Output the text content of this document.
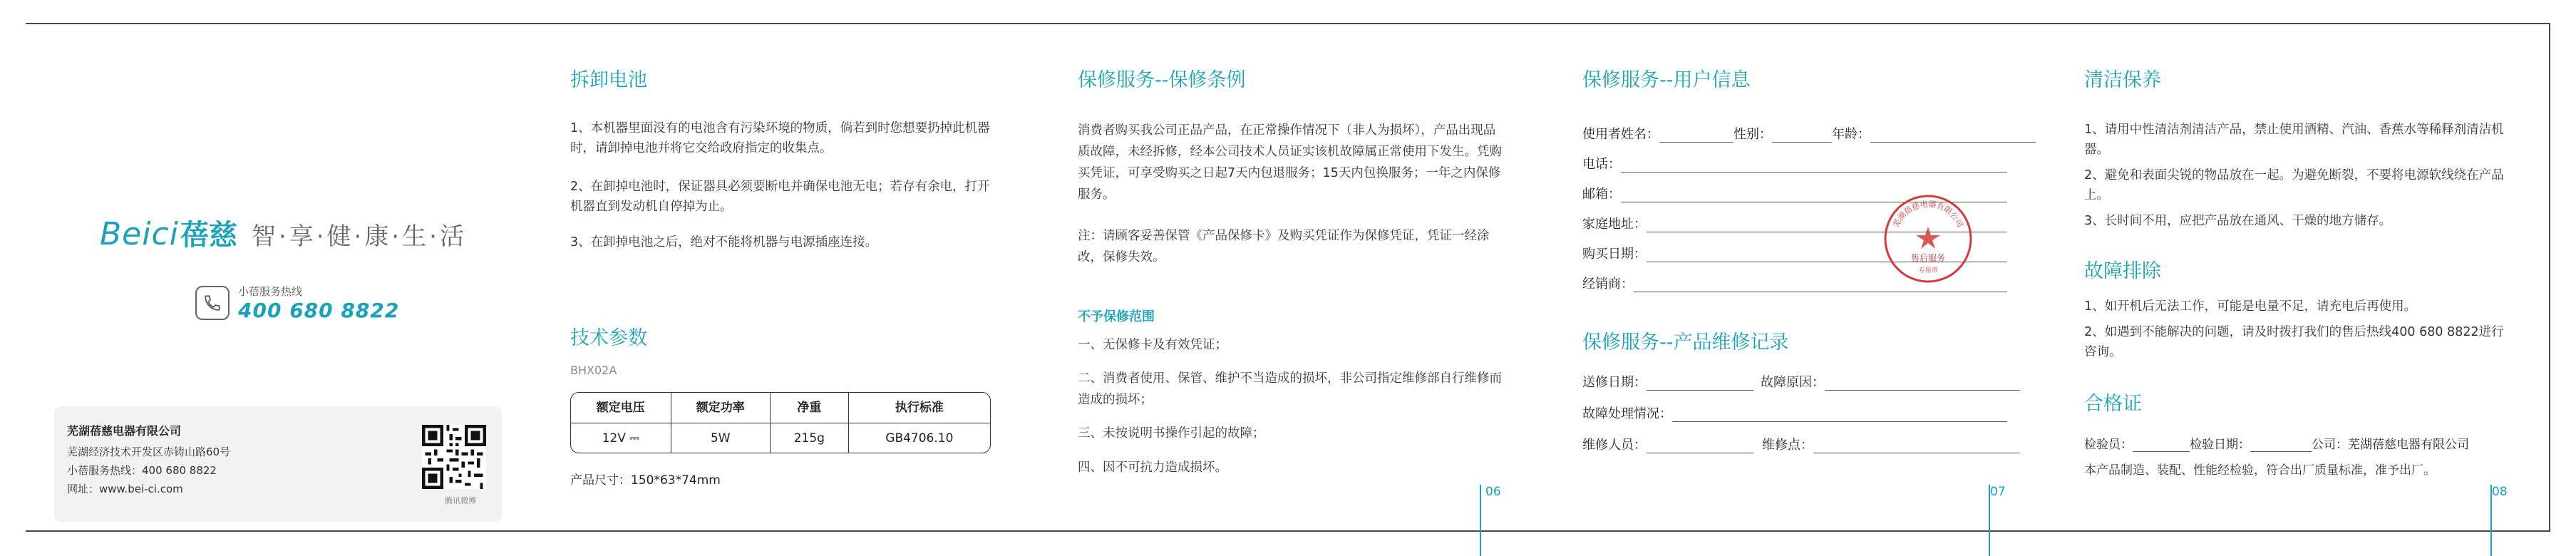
Beici 蓓慈 智·享·健·康·生·活
小蓓服务热线
400 680 8822
芜湖蓓慈电器有限公司
芜湖经济技术开发区赤铸山路60号
小蓓服务热线：400 680 8822
网址：www.bei-ci.com
腾讯微博
拆卸电池
1、本机器里面没有的电池含有污染环境的物质，倘若到时您想要扔掉此机器时，请卸掉电池并将它交给政府指定的收集点。
2、在卸掉电池时，保证器具必须要断电并确保电池无电；若存有余电，打开机器直到发动机自停掉为止。
3、在卸掉电池之后，绝对不能将机器与电源插座连接。
技术参数
BHX02A
额定电压	额定功率	净重	执行标准
12V ⎓	5W	215g	GB4706.10
产品尺寸：150*63*74mm
06
保修服务--保修条例
消费者购买我公司正品产品，在正常操作情况下（非人为损坏），产品出现品质故障，未经拆修，经本公司技术人员证实该机故障属正常使用下发生。凭购买凭证，可享受购买之日起7天内包退服务；15天内包换服务；一年之内保修服务。
注：请顾客妥善保管《产品保修卡》及购买凭证作为保修凭证，凭证一经涂改，保修失效。
不予保修范围
一、无保修卡及有效凭证；
二、消费者使用、保管、维护不当造成的损坏，非公司指定维修部自行维修而造成的损坏；
三、未按说明书操作引起的故障；
四、因不可抗力造成损坏。
07
保修服务--用户信息
使用者姓名：	性别：	年龄：
电话：
邮箱：
家庭地址：
购买日期：
经销商：
芜湖蓓慈电器有限公司
售后服务
专用章
保修服务--产品维修记录
送修日期：	故障原因：
故障处理情况：
维修人员：	维修点：
清洁保养
1、请用中性清洁剂清洁产品，禁止使用酒精、汽油、香蕉水等稀释剂清洁机器。
2、避免和表面尖锐的物品放在一起。为避免断裂，不要将电源软线绕在产品上。
3、长时间不用，应把产品放在通风、干燥的地方储存。
故障排除
1、如开机后无法工作，可能是电量不足，请充电后再使用。
2、如遇到不能解决的问题，请及时拨打我们的售后热线400 680 8822进行咨询。
合格证
检验员：	检验日期：	公司：芜湖蓓慈电器有限公司
本产品制造、装配、性能经检验，符合出厂质量标准，准予出厂。
08
